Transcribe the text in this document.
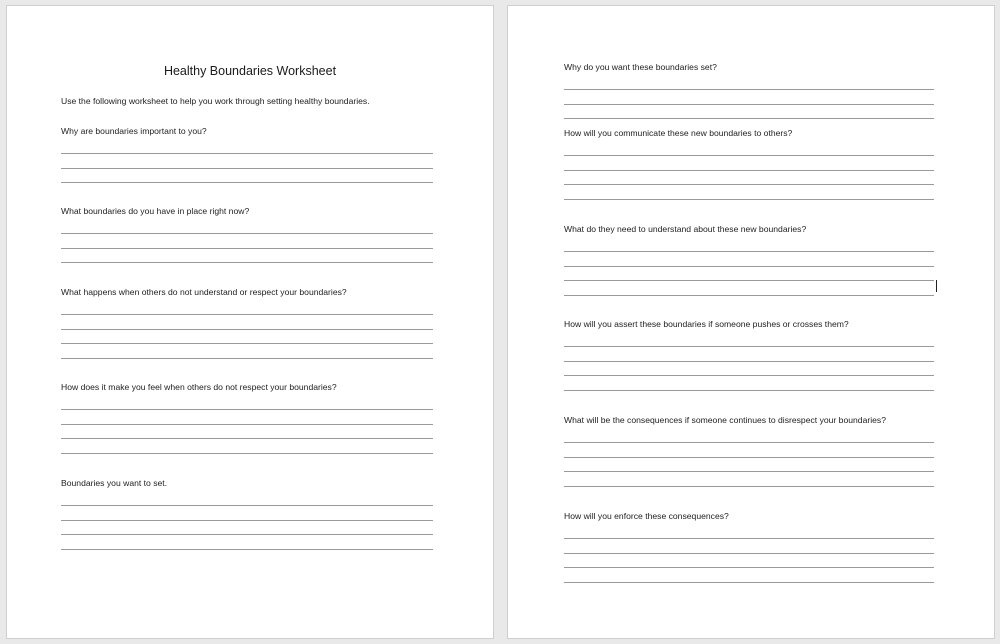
Healthy Boundaries Worksheet
Use the following worksheet to help you work through setting healthy boundaries.
Why are boundaries important to you?
What boundaries do you have in place right now?
What happens when others do not understand or respect your boundaries?
How does it make you feel when others do not respect your boundaries?
Boundaries you want to set.
Why do you want these boundaries set?
How will you communicate these new boundaries to others?
What do they need to understand about these new boundaries?
How will you assert these boundaries if someone pushes or crosses them?
What will be the consequences if someone continues to disrespect your boundaries?
How will you enforce these consequences?
